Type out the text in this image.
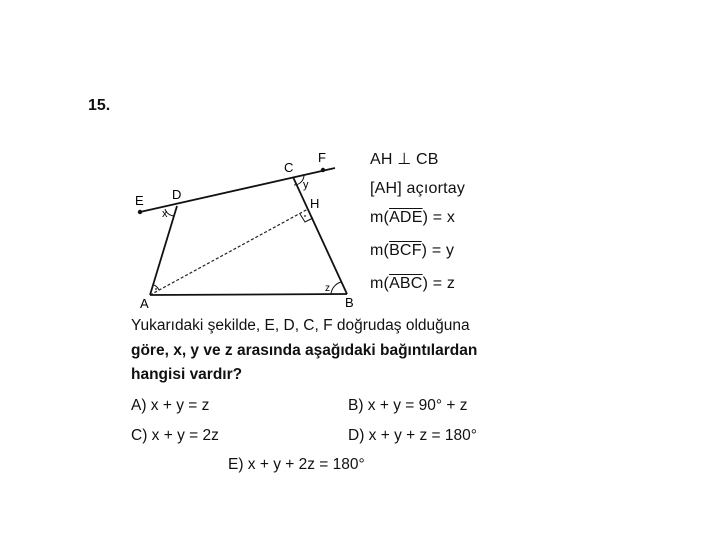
15.
E D
C
F
H
A	B
x
y
z
AH ⊥ CB
[AH] açıortay
$m(\overline{ADE}) = x$
$m(\overline{BCF}) = y$
$m(\overline{ABC}) = z$
Yukarıdaki şekilde, E, D, C, F doğrudaş olduğuna
göre, x, y ve z arasında aşağıdaki bağıntılardan
hangisi vardır?
A) x + y = z	B) x + y = 90° + z
C) x + y = 2z	D) x + y + z = 180°
E) x + y + 2z = 180°
